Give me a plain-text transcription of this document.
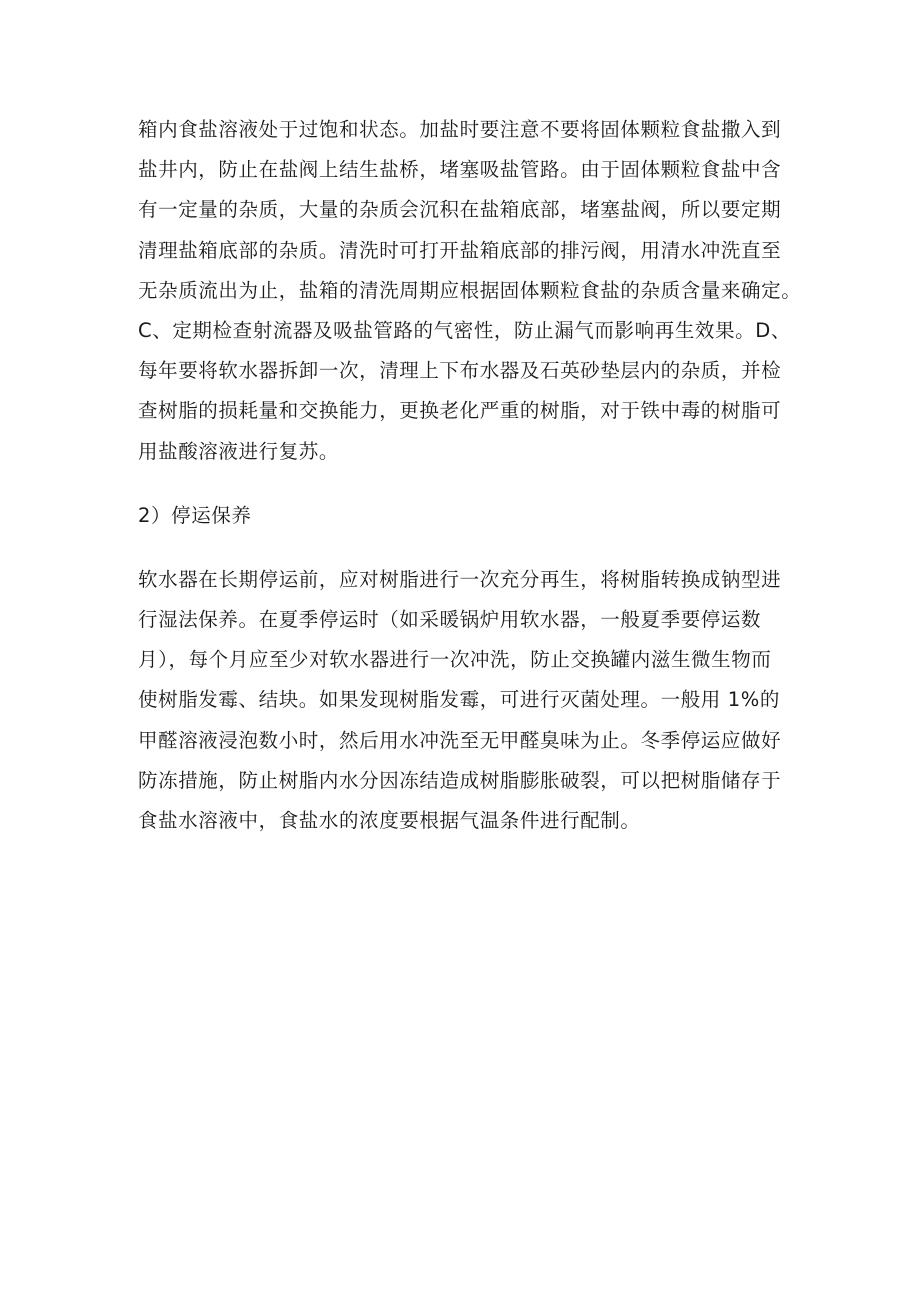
箱内食盐溶液处于过饱和状态。加盐时要注意不要将固体颗粒食盐撒入到
盐井内，防止在盐阀上结生盐桥，堵塞吸盐管路。由于固体颗粒食盐中含
有一定量的杂质，大量的杂质会沉积在盐箱底部，堵塞盐阀，所以要定期
清理盐箱底部的杂质。清洗时可打开盐箱底部的排污阀，用清水冲洗直至
无杂质流出为止，盐箱的清洗周期应根据固体颗粒食盐的杂质含量来确定。
C、定期检查射流器及吸盐管路的气密性，防止漏气而影响再生效果。D、
每年要将软水器拆卸一次，清理上下布水器及石英砂垫层内的杂质，并检
查树脂的损耗量和交换能力，更换老化严重的树脂，对于铁中毒的树脂可
用盐酸溶液进行复苏。

2）停运保养

软水器在长期停运前，应对树脂进行一次充分再生，将树脂转换成钠型进
行湿法保养。在夏季停运时（如采暖锅炉用软水器，一般夏季要停运数
月），每个月应至少对软水器进行一次冲洗，防止交换罐内滋生微生物而
使树脂发霉、结块。如果发现树脂发霉，可进行灭菌处理。一般用 1%的
甲醛溶液浸泡数小时，然后用水冲洗至无甲醛臭味为止。冬季停运应做好
防冻措施，防止树脂内水分因冻结造成树脂膨胀破裂，可以把树脂储存于
食盐水溶液中，食盐水的浓度要根据气温条件进行配制。
